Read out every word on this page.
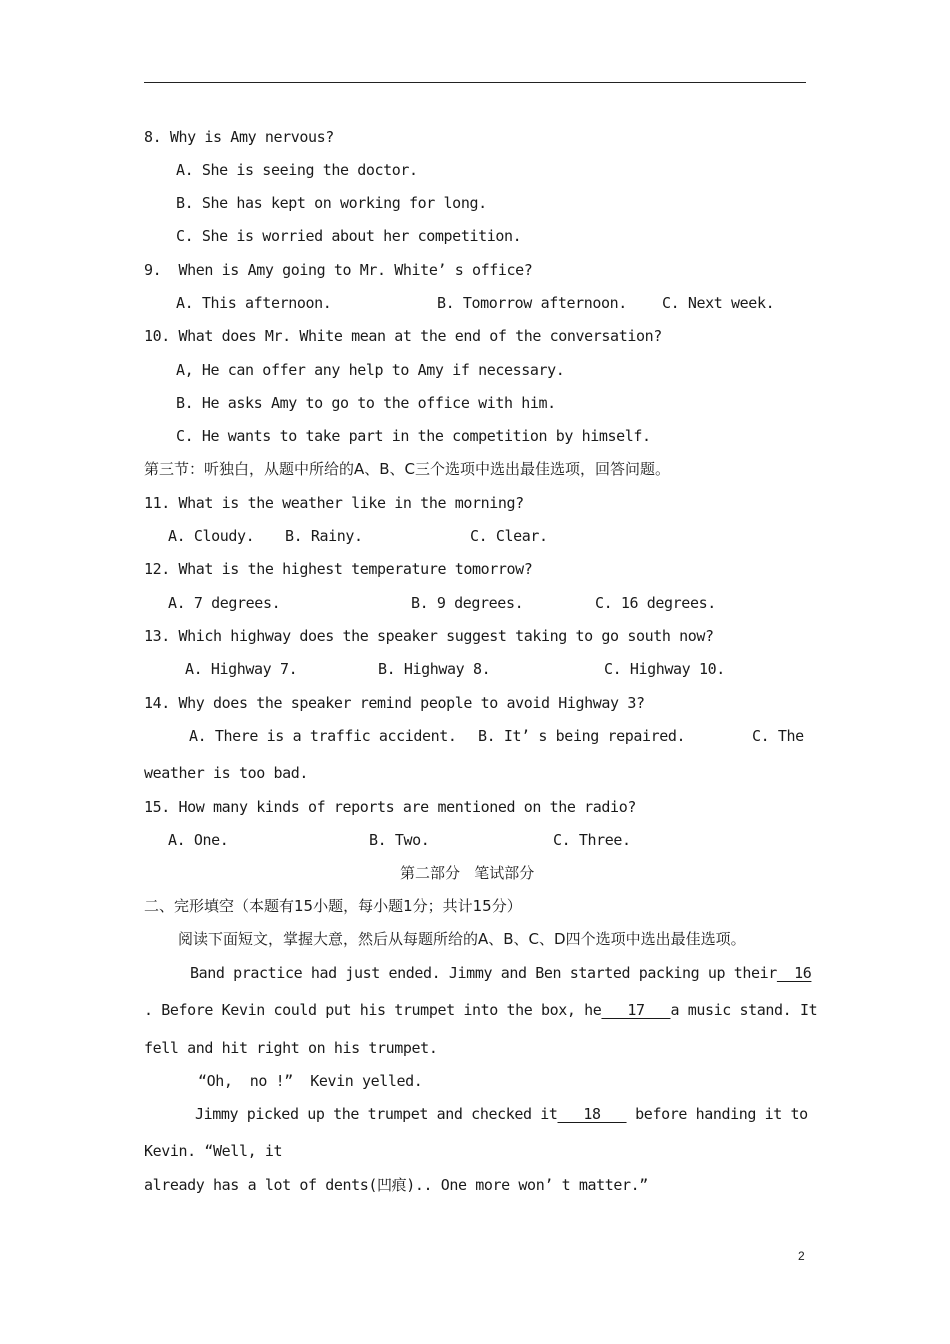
8. Why is Amy nervous?
A. She is seeing the doctor.
B. She has kept on working for long.
C. She is worried about her competition.
9.  When is Amy going to Mr. White’ s office?
A. This afternoon.	B. Tomorrow afternoon. C. Next week.
10. What does Mr. White mean at the end of the conversation?
A, He can offer any help to Amy if necessary.
B. He asks Amy to go to the office with him.
C. He wants to take part in the competition by himself.
第三节：听独白，从题中所给的A、B、C三个选项中选出最佳选项，回答问题。
11. What is the weather like in the morning?
A. Cloudy. B. Rainy.	C. Clear.
12. What is the highest temperature tomorrow?
A. 7 degrees.	B. 9 degrees.	C. 16 degrees.
13. Which highway does the speaker suggest taking to go south now?
A. Highway 7.	B. Highway 8.	C. Highway 10.
14. Why does the speaker remind people to avoid Highway 3?
A. There is a traffic accident. B. It’ s being repaired.	C. The
weather is too bad.
15. How many kinds of reports are mentioned on the radio?
A. One.	B. Two.	C. Three.
第二部分   笔试部分
二、完形填空（本题有15小题，每小题1分；共计15分）
阅读下面短文，掌握大意，然后从每题所给的A、B、C、D四个选项中选出最佳选项。
Band practice had just ended. Jimmy and Ben started packing up their  16
. Before Kevin could put his trumpet into the box, he   17   a music stand. It
fell and hit right on his trumpet.
“Oh,  no !”  Kevin yelled.
Jimmy picked up the trumpet and checked it   18    before handing it to
Kevin. “Well, it
already has a lot of dents(凹痕).. One more won’ t matter.”
2
